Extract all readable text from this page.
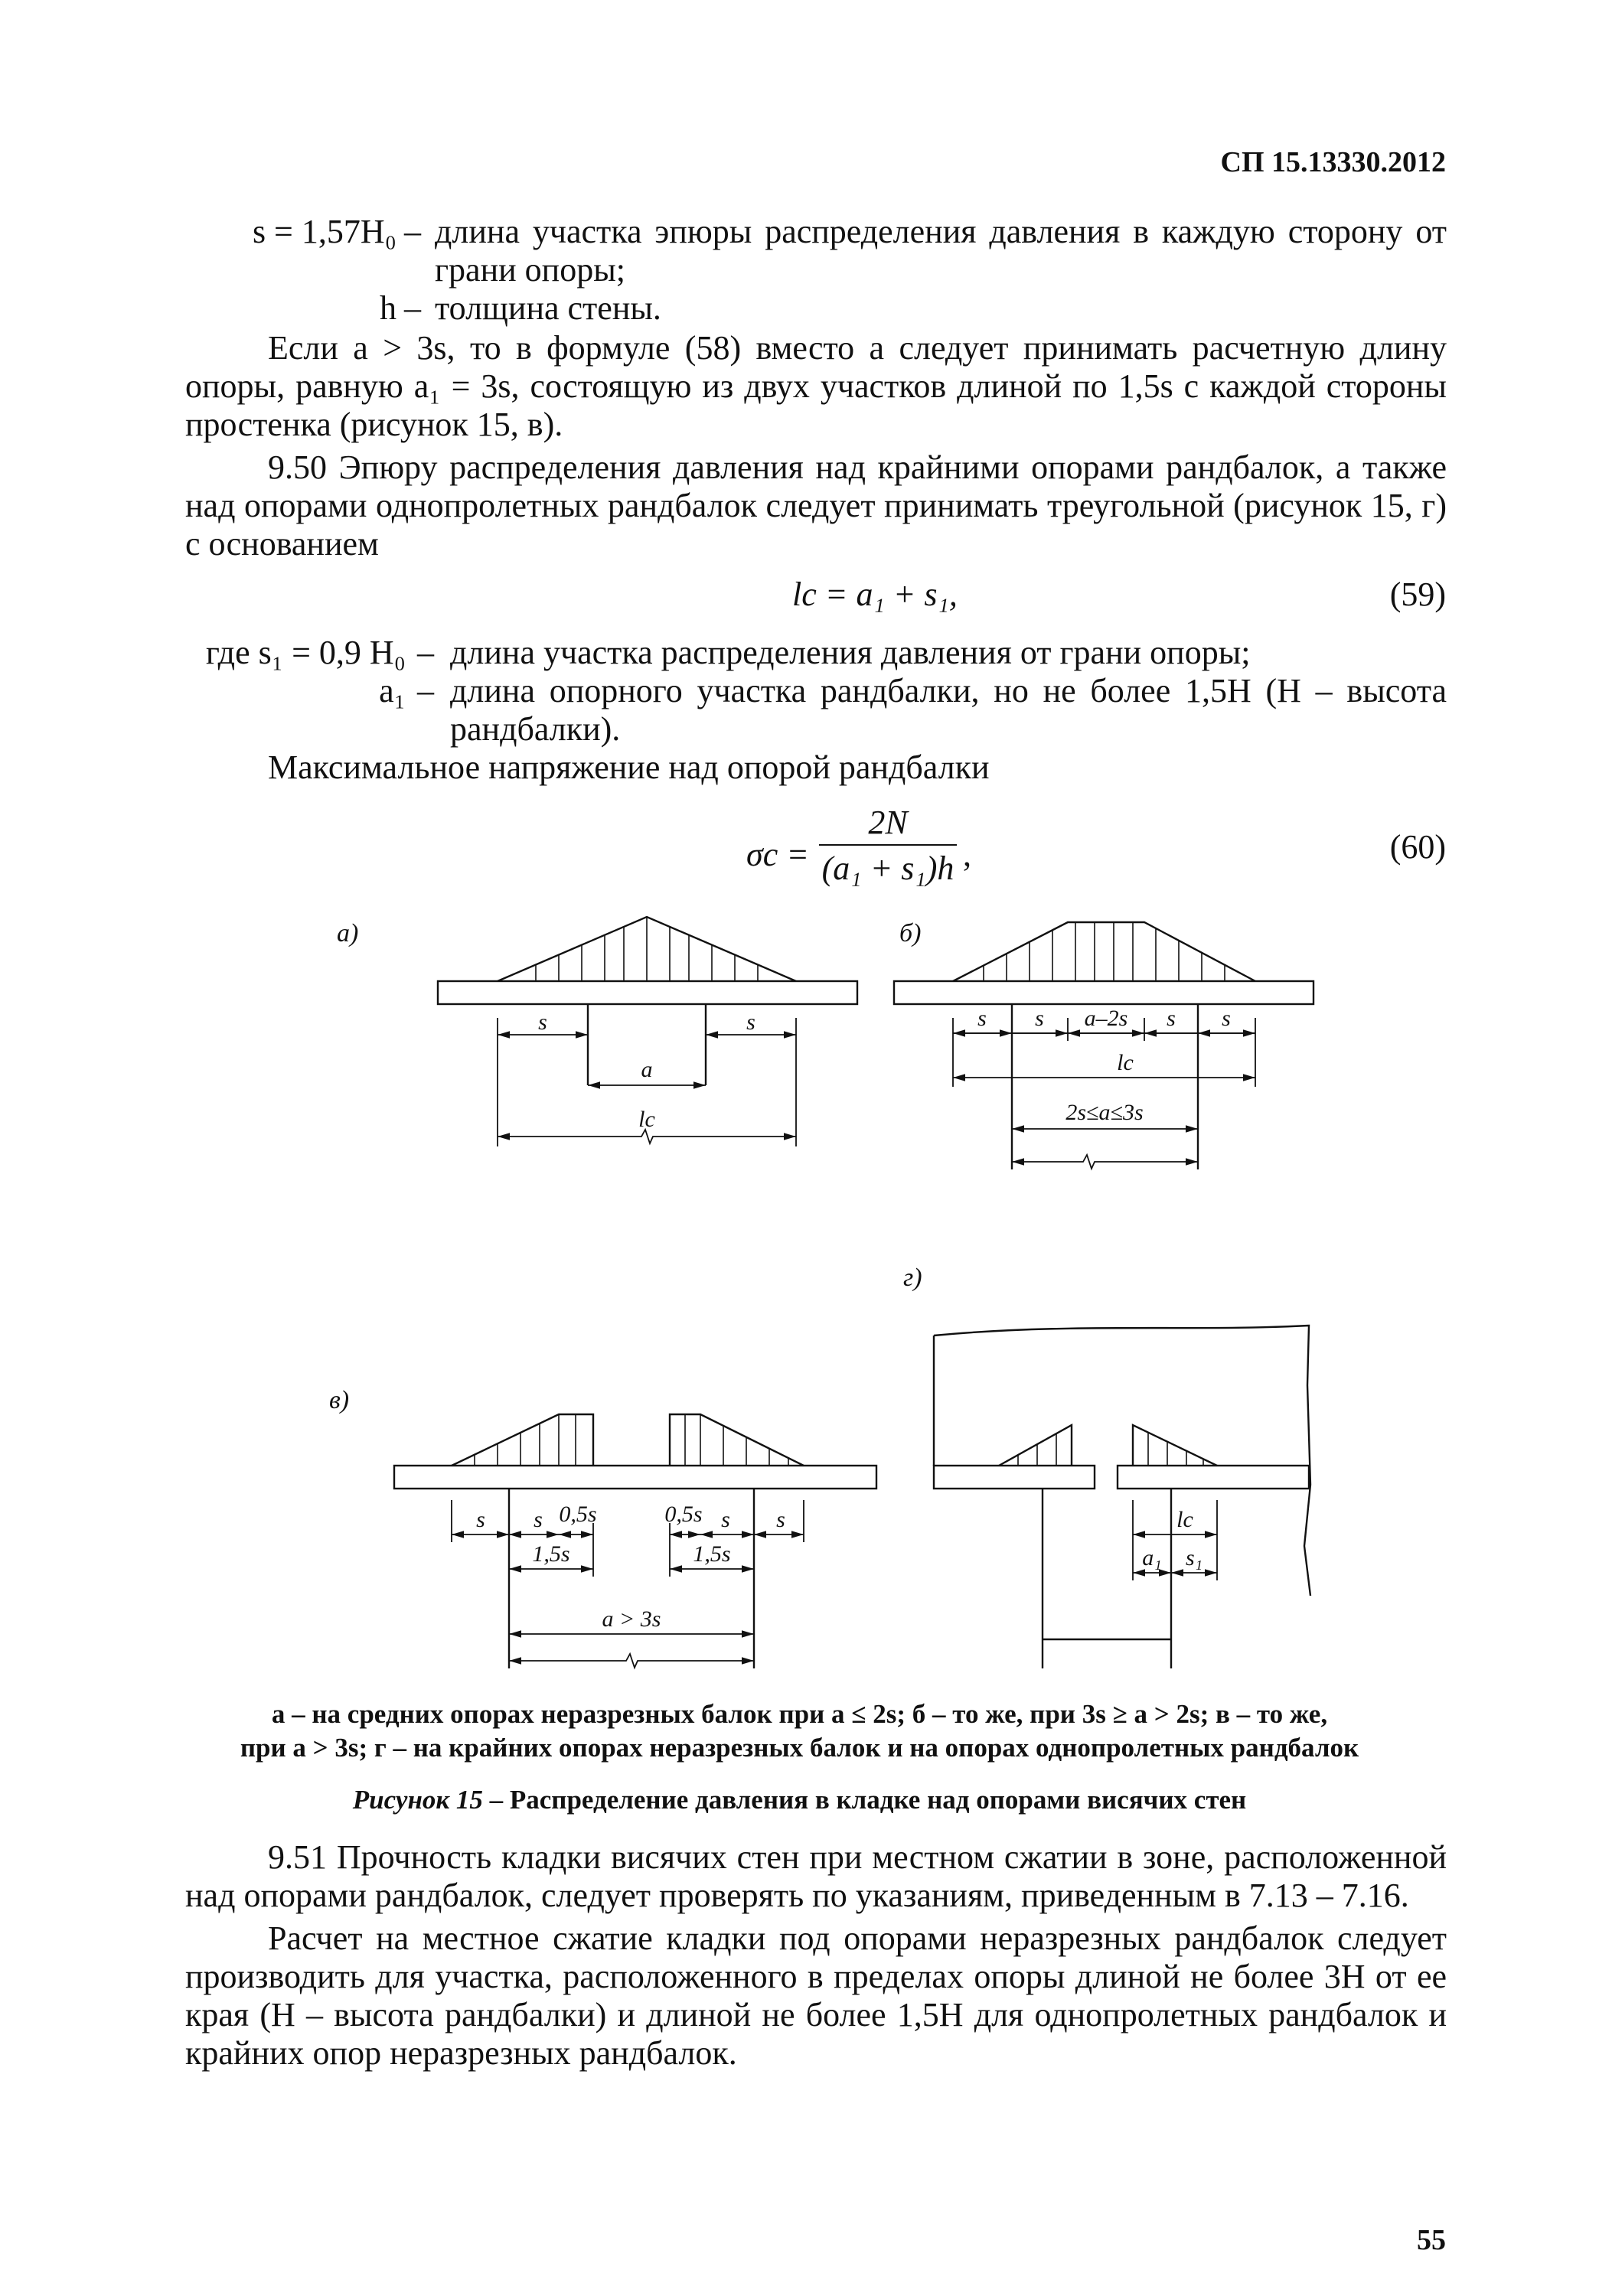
СП 15.13330.2012
s = 1,57H₀ – длина участка эпюры распределения давления в каждую сторону от
грани опоры;
h – толщина стены.
Если a > 3s, то в формуле (58) вместо a следует принимать расчетную длину
опоры, равную a₁ = 3s, состоящую из двух участков длиной по 1,5s с каждой стороны
простенка (рисунок 15, в).
9.50 Эпюру распределения давления над крайними опорами рандбалок, а также
над опорами однопролетных рандбалок следует принимать треугольной (рисунок 15, г)
с основанием
lc = a₁ + s₁,	(59)
где s₁ = 0,9 H₀ – длина участка распределения давления от грани опоры;
a₁ – длина опорного участка рандбалки, но не более 1,5H (H – высота
рандбалки).
Максимальное напряжение над опорой рандбалки
σc =
2N
(a₁ + s₁)h ,	(60)
а)	б)
в)
г)
s	s
a
lc
s s a–2s s s
lc
2s≤a≤3s
s s 0,5s	0,5s s s
1,5s	1,5s
a > 3s
lc
a₁ s₁
а – на средних опорах неразрезных балок при a ≤ 2s; б – то же, при 3s ≥ a > 2s; в – то же,
при a > 3s; г – на крайних опорах неразрезных балок и на опорах однопролетных рандбалок
Рисунок 15 – Распределение давления в кладке над опорами висячих стен
9.51 Прочность кладки висячих стен при местном сжатии в зоне, расположенной
над опорами рандбалок, следует проверять по указаниям, приведенным в 7.13 – 7.16.
Расчет на местное сжатие кладки под опорами неразрезных рандбалок следует
производить для участка, расположенного в пределах опоры длиной не более 3H от ее
края (H – высота рандбалки) и длиной не более 1,5H для однопролетных рандбалок и
крайних опор неразрезных рандбалок.
55
